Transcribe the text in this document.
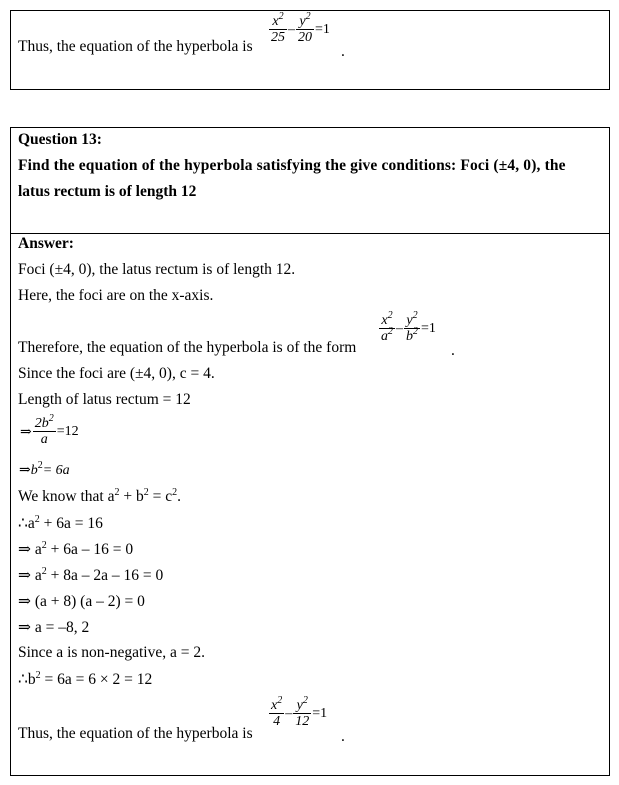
Thus, the equation of the hyperbola is
$\frac{x^2}{25} - \frac{y^2}{20} =1$
.
Question 13:
Find the equation of the hyperbola satisfying the give conditions: Foci (±4, 0), the
latus rectum is of length 12
Answer:
Foci (±4, 0), the latus rectum is of length 12.
Here, the foci are on the x-axis.
$\frac{x^2}{a^2} - \frac{y^2}{b^2} =1$
Therefore, the equation of the hyperbola is of the form	.
Since the foci are (±4, 0), c = 4.
Length of latus rectum = 12
⇒ $\frac{2b^2}{a} =12$
$\Rightarrow b^2= 6a$
We know that $a^2 + b^2 = c^2$.
$\therefore a^2 + 6a = 16$
⇒ $a^2 + 6a - 16 = 0$
⇒ $a^2 + 8a - 2a - 16 = 0$
⇒ (a + 8) (a – 2) = 0
⇒ a = –8, 2
Since a is non-negative, a = 2.
$\therefore b^2 = 6a = 6 \times 2 = 12$
$\frac{x^2}{4} - \frac{y^2}{12} =1$
Thus, the equation of the hyperbola is	.
